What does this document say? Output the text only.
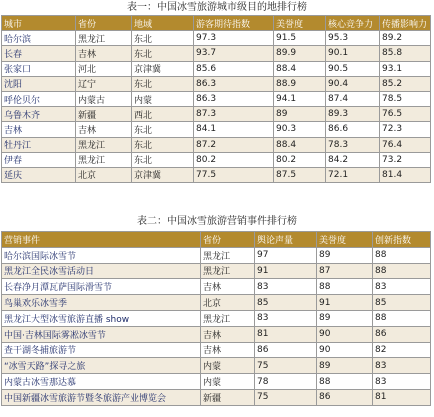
表一：中国冰雪旅游城市级目的地排行榜
城市	省份	地域	游客期待指数	美誉度	核心竞争力	传播影响力
哈尔滨	黑龙江	东北	97.3	91.5	95.3	89.2
长春	吉林	东北	93.7	89.9	90.1	85.8
张家口	河北	京津冀	85.6	88.4	90.5	93.1
沈阳	辽宁	东北	86.3	88.9	90.4	85.2
呼伦贝尔	内蒙古	内蒙	86.3	94.1	87.4	78.5
乌鲁木齐	新疆	西北	87.3	89	89.3	76.5
吉林	吉林	东北	84.1	90.3	86.6	72.3
牡丹江	黑龙江	东北	87.2	88.4	78.3	76.4
伊春	黑龙江	东北	80.2	80.2	84.2	73.2
延庆	北京	京津冀	77.5	87.5	72.1	81.4
表二：中国冰雪旅游营销事件排行榜
营销事件	省份	舆论声量	美誉度	创新指数
哈尔滨国际冰雪节	黑龙江	97	89	88
黑龙江全民冰雪活动日	黑龙江	91	87	88
长春净月潭瓦萨国际滑雪节	吉林	83	88	83
鸟巢欢乐冰雪季	北京	85	91	85
黑龙江大型冰雪旅游直播 show	黑龙江	83	89	88
中国·吉林国际雾凇冰雪节	吉林	81	90	86
查干湖冬捕旅游节	吉林	86	90	82
“冰雪天路”探寻之旅	内蒙	75	89	83
内蒙古冰雪那达慕	内蒙	78	88	83
中国新疆冰雪旅游节暨冬旅游产业博览会	新疆	75	86	81
